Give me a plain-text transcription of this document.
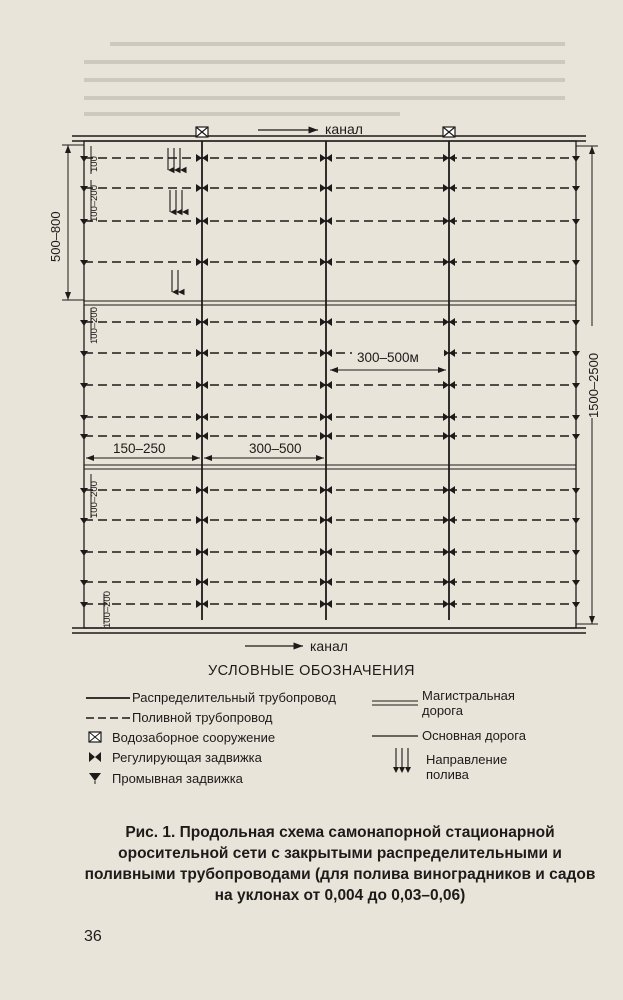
канал
канал
500–800
100
100–200
100–200
100–200
100–200
300–500м
150–250	300–500
1500–2500
УСЛОВНЫЕ ОБОЗНАЧЕНИЯ
Распределительный трубопровод
Поливной трубопровод
Водозаборное сооружение
Регулирующая задвижка
Промывная задвижка
Магистральная дорога
Основная дорога
Направление полива
Рис. 1. Продольная схема самонапорной стационарной оросительной сети с закрытыми распределительными и поливными трубопроводами (для полива виноградников и садов на уклонах от 0,004 до 0,03–0,06)
36
